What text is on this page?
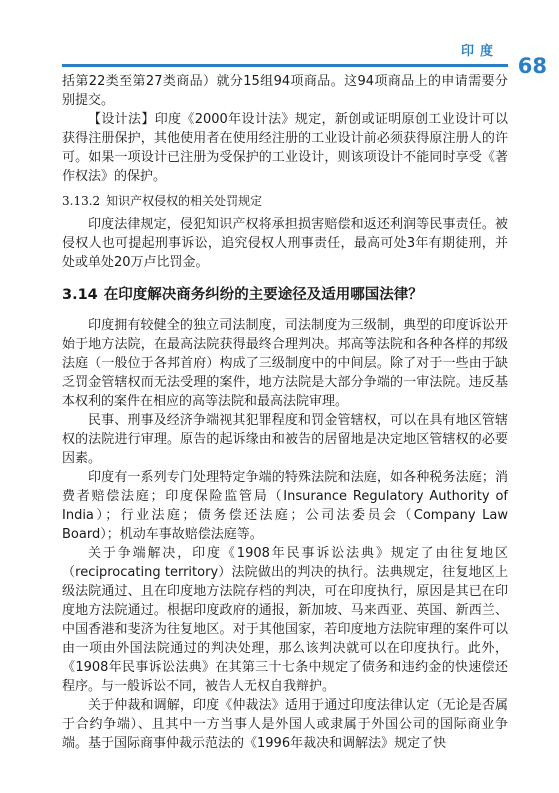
印度
68

括第22类至第27类商品）就分15组94项商品。这94项商品上的申请需要分别提交。

【设计法】印度《2000年设计法》规定，新创或证明原创工业设计可以获得注册保护，其他使用者在使用经注册的工业设计前必须获得原注册人的许可。如果一项设计已注册为受保护的工业设计，则该项设计不能同时享受《著作权法》的保护。

3.13.2 知识产权侵权的相关处罚规定

印度法律规定，侵犯知识产权将承担损害赔偿和返还利润等民事责任。被侵权人也可提起刑事诉讼，追究侵权人刑事责任，最高可处3年有期徒刑，并处或单处20万卢比罚金。

3.14 在印度解决商务纠纷的主要途径及适用哪国法律？

印度拥有较健全的独立司法制度，司法制度为三级制，典型的印度诉讼开始于地方法院，在最高法院获得最终合理判决。邦高等法院和各种各样的邦级法庭（一般位于各邦首府）构成了三级制度中的中间层。除了对于一些由于缺乏罚金管辖权而无法受理的案件，地方法院是大部分争端的一审法院。违反基本权利的案件在相应的高等法院和最高法院审理。

民事、刑事及经济争端视其犯罪程度和罚金管辖权，可以在具有地区管辖权的法院进行审理。原告的起诉缘由和被告的居留地是决定地区管辖权的必要因素。

印度有一系列专门处理特定争端的特殊法院和法庭，如各种税务法庭；消费者赔偿法庭；印度保险监管局（Insurance Regulatory Authority of India）；行业法庭；债务偿还法庭；公司法委员会（Company Law Board）；机动车事故赔偿法庭等。

关于争端解决，印度《1908年民事诉讼法典》规定了由往复地区（reciprocating territory）法院做出的判决的执行。法典规定，往复地区上级法院通过、且在印度地方法院存档的判决，可在印度执行，原因是其已在印度地方法院通过。根据印度政府的通报，新加坡、马来西亚、英国、新西兰、中国香港和斐济为往复地区。对于其他国家，若印度地方法院审理的案件可以由一项由外国法院通过的判决处理，那么该判决就可以在印度执行。此外，《1908年民事诉讼法典》在其第三十七条中规定了债务和违约金的快速偿还程序。与一般诉讼不同，被告人无权自我辩护。

关于仲裁和调解，印度《仲裁法》适用于通过印度法律认定（无论是否属于合约争端）、且其中一方当事人是外国人或隶属于外国公司的国际商业争端。基于国际商事仲裁示范法的《1996年裁决和调解法》规定了快
